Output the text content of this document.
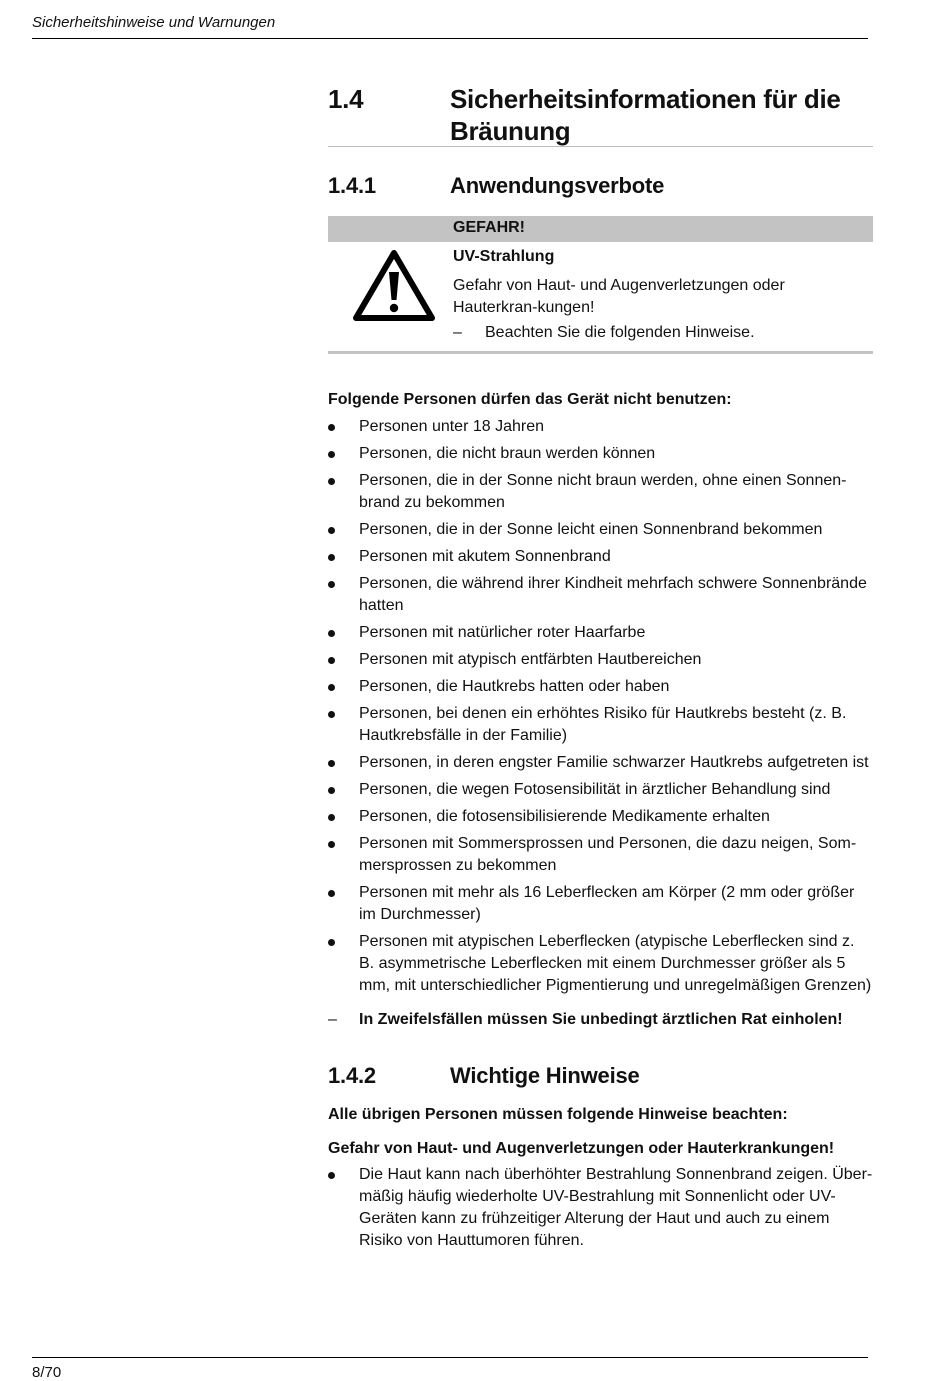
Sicherheitshinweise und Warnungen
1.4	Sicherheitsinformationen für die Bräunung
1.4.1	Anwendungsverbote
GEFAHR!
UV-Strahlung
Gefahr von Haut- und Augenverletzungen oder Hauterkran-kungen!
– Beachten Sie die folgenden Hinweise.
Folgende Personen dürfen das Gerät nicht benutzen:
Personen unter 18 Jahren
Personen, die nicht braun werden können
Personen, die in der Sonne nicht braun werden, ohne einen Sonnen-brand zu bekommen
Personen, die in der Sonne leicht einen Sonnenbrand bekommen
Personen mit akutem Sonnenbrand
Personen, die während ihrer Kindheit mehrfach schwere Sonnenbrände hatten
Personen mit natürlicher roter Haarfarbe
Personen mit atypisch entfärbten Hautbereichen
Personen, die Hautkrebs hatten oder haben
Personen, bei denen ein erhöhtes Risiko für Hautkrebs besteht (z. B. Hautkrebsfälle in der Familie)
Personen, in deren engster Familie schwarzer Hautkrebs aufgetreten ist
Personen, die wegen Fotosensibilität in ärztlicher Behandlung sind
Personen, die fotosensibilisierende Medikamente erhalten
Personen mit Sommersprossen und Personen, die dazu neigen, Som-mersprossen zu bekommen
Personen mit mehr als 16 Leberflecken am Körper (2 mm oder größer im Durchmesser)
Personen mit atypischen Leberflecken (atypische Leberflecken sind z. B. asymmetrische Leberflecken mit einem Durchmesser größer als 5 mm, mit unterschiedlicher Pigmentierung und unregelmäßigen Grenzen)
– In Zweifelsfällen müssen Sie unbedingt ärztlichen Rat einholen!
1.4.2	Wichtige Hinweise
Alle übrigen Personen müssen folgende Hinweise beachten:
Gefahr von Haut- und Augenverletzungen oder Hauterkrankungen!
Die Haut kann nach überhöhter Bestrahlung Sonnenbrand zeigen. Über-mäßig häufig wiederholte UV-Bestrahlung mit Sonnenlicht oder UV-Geräten kann zu frühzeitiger Alterung der Haut und auch zu einem Risiko von Hauttumoren führen.
8/70
